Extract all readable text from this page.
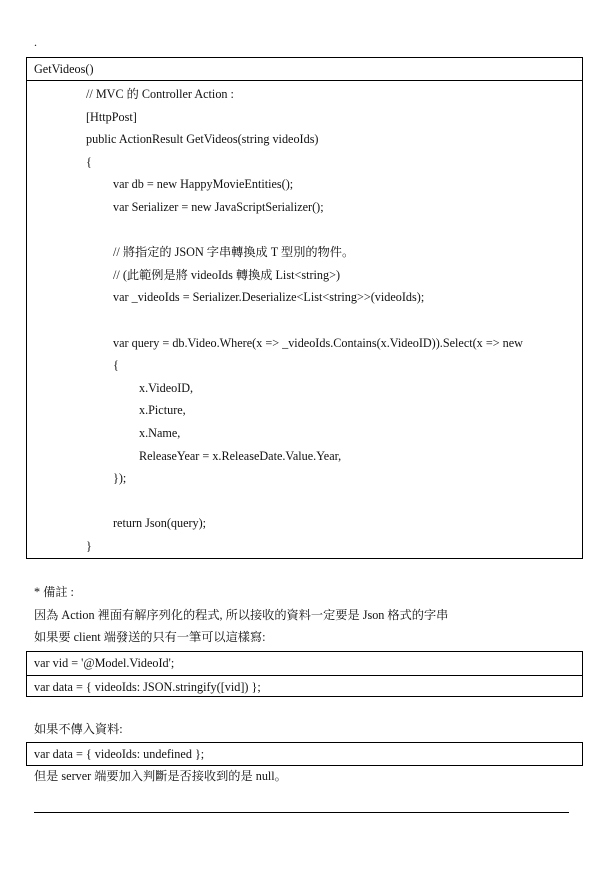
.
GetVideos()
// MVC 的 Controller Action :
[HttpPost]
public ActionResult GetVideos(string videoIds)
{
var db = new HappyMovieEntities();
var Serializer = new JavaScriptSerializer();
// 將指定的 JSON 字串轉換成 T 型別的物件。
// (此範例是將 videoIds 轉換成 List<string>)
var _videoIds = Serializer.Deserialize<List<string>>(videoIds);
var query = db.Video.Where(x => _videoIds.Contains(x.VideoID)).Select(x => new
{
x.VideoID,
x.Picture,
x.Name,
ReleaseYear = x.ReleaseDate.Value.Year,
});
return Json(query);
}
* 備註 :
因為 Action 裡面有解序列化的程式, 所以接收的資料一定要是 Json 格式的字串
如果要 client 端發送的只有一筆可以這樣寫:
var vid = '@Model.VideoId';
var data = { videoIds: JSON.stringify([vid]) };
如果不傳入資料:
var data = { videoIds: undefined };
但是 server 端要加入判斷是否接收到的是 null。
